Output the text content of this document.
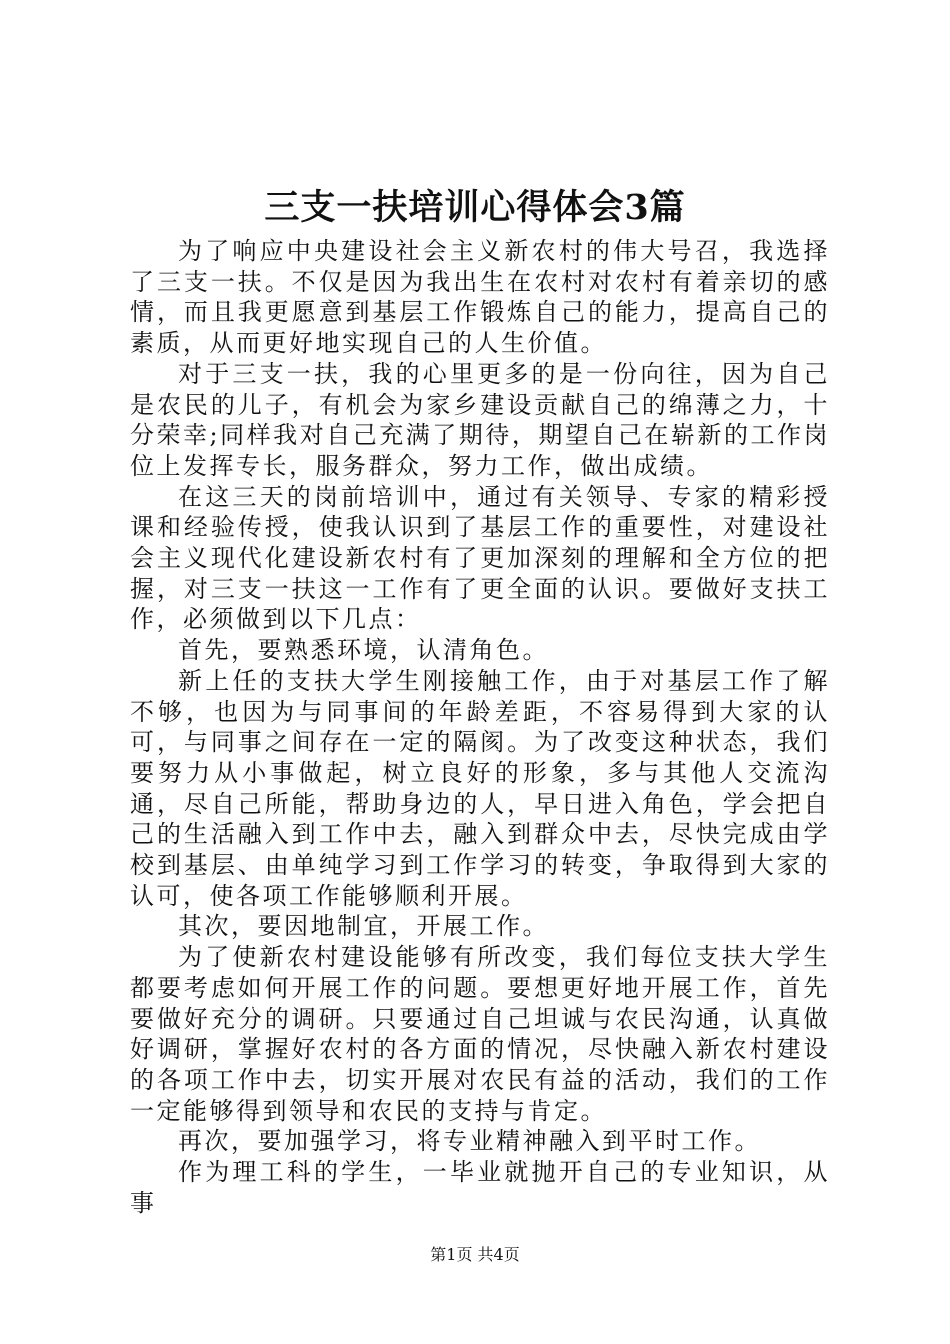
三支一扶培训心得体会3篇

为了响应中央建设社会主义新农村的伟大号召，我选择了三支一扶。不仅是因为我出生在农村对农村有着亲切的感情，而且我更愿意到基层工作锻炼自己的能力，提高自己的素质，从而更好地实现自己的人生价值。

对于三支一扶，我的心里更多的是一份向往，因为自己是农民的儿子，有机会为家乡建设贡献自己的绵薄之力，十分荣幸;同样我对自己充满了期待，期望自己在崭新的工作岗位上发挥专长，服务群众，努力工作，做出成绩。

在这三天的岗前培训中，通过有关领导、专家的精彩授课和经验传授，使我认识到了基层工作的重要性，对建设社会主义现代化建设新农村有了更加深刻的理解和全方位的把握，对三支一扶这一工作有了更全面的认识。要做好支扶工作，必须做到以下几点：

首先，要熟悉环境，认清角色。

新上任的支扶大学生刚接触工作，由于对基层工作了解不够，也因为与同事间的年龄差距，不容易得到大家的认可，与同事之间存在一定的隔阂。为了改变这种状态，我们要努力从小事做起，树立良好的形象，多与其他人交流沟通，尽自己所能，帮助身边的人，早日进入角色，学会把自己的生活融入到工作中去，融入到群众中去，尽快完成由学校到基层、由单纯学习到工作学习的转变，争取得到大家的认可，使各项工作能够顺利开展。

其次，要因地制宜，开展工作。

为了使新农村建设能够有所改变，我们每位支扶大学生都要考虑如何开展工作的问题。要想更好地开展工作，首先要做好充分的调研。只要通过自己坦诚与农民沟通，认真做好调研，掌握好农村的各方面的情况，尽快融入新农村建设的各项工作中去，切实开展对农民有益的活动，我们的工作一定能够得到领导和农民的支持与肯定。

再次，要加强学习，将专业精神融入到平时工作。

作为理工科的学生，一毕业就抛开自己的专业知识，从事

第1页 共4页
